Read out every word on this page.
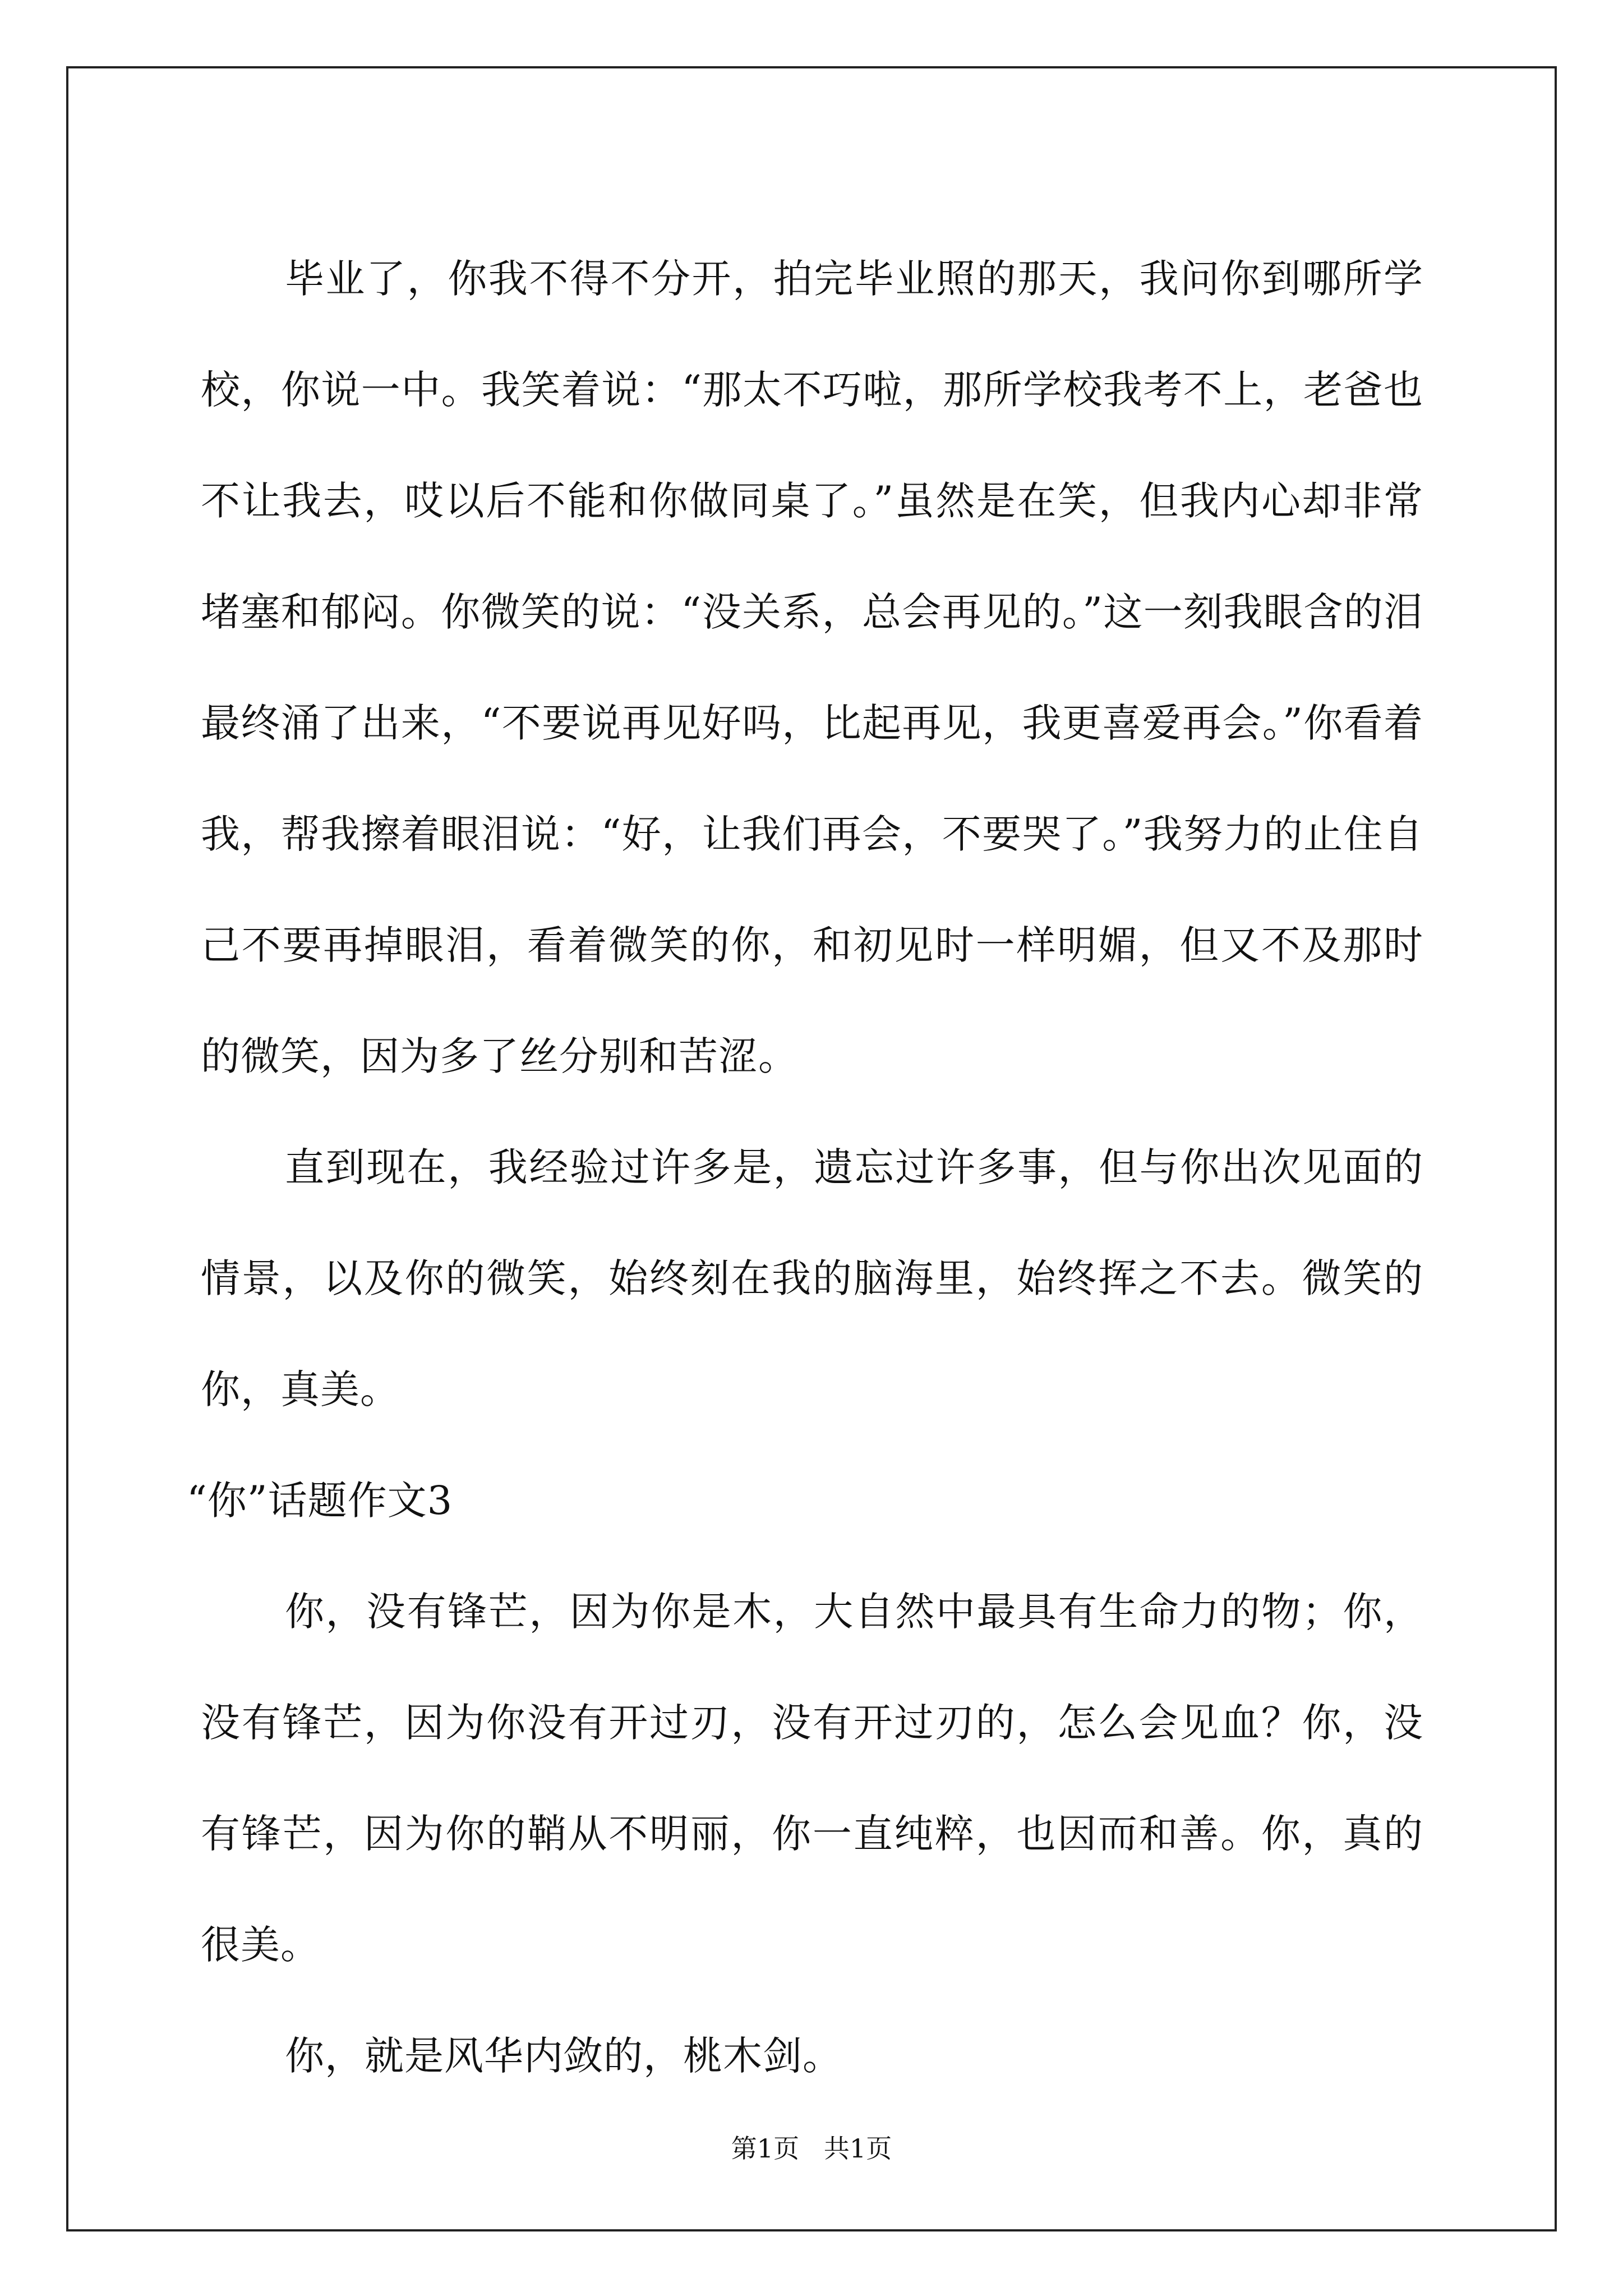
毕业了，你我不得不分开，拍完毕业照的那天，我问你到哪所学校，你说一中。我笑着说：“那太不巧啦，那所学校我考不上，老爸也不让我去，哎以后不能和你做同桌了。”虽然是在笑，但我内心却非常堵塞和郁闷。你微笑的说：“没关系，总会再见的。”这一刻我眼含的泪最终涌了出来，“不要说再见好吗，比起再见，我更喜爱再会。”你看着我，帮我擦着眼泪说：“好，让我们再会，不要哭了。”我努力的止住自己不要再掉眼泪，看着微笑的你，和初见时一样明媚，但又不及那时的微笑，因为多了丝分别和苦涩。

直到现在，我经验过许多是，遗忘过许多事，但与你出次见面的情景，以及你的微笑，始终刻在我的脑海里，始终挥之不去。微笑的你，真美。

“你”话题作文3

你，没有锋芒，因为你是木，大自然中最具有生命力的物；你，没有锋芒，因为你没有开过刃，没有开过刃的，怎么会见血？你，没有锋芒，因为你的鞘从不明丽，你一直纯粹，也因而和善。你，真的很美。

你，就是风华内敛的，桃木剑。

第1页   共1页
